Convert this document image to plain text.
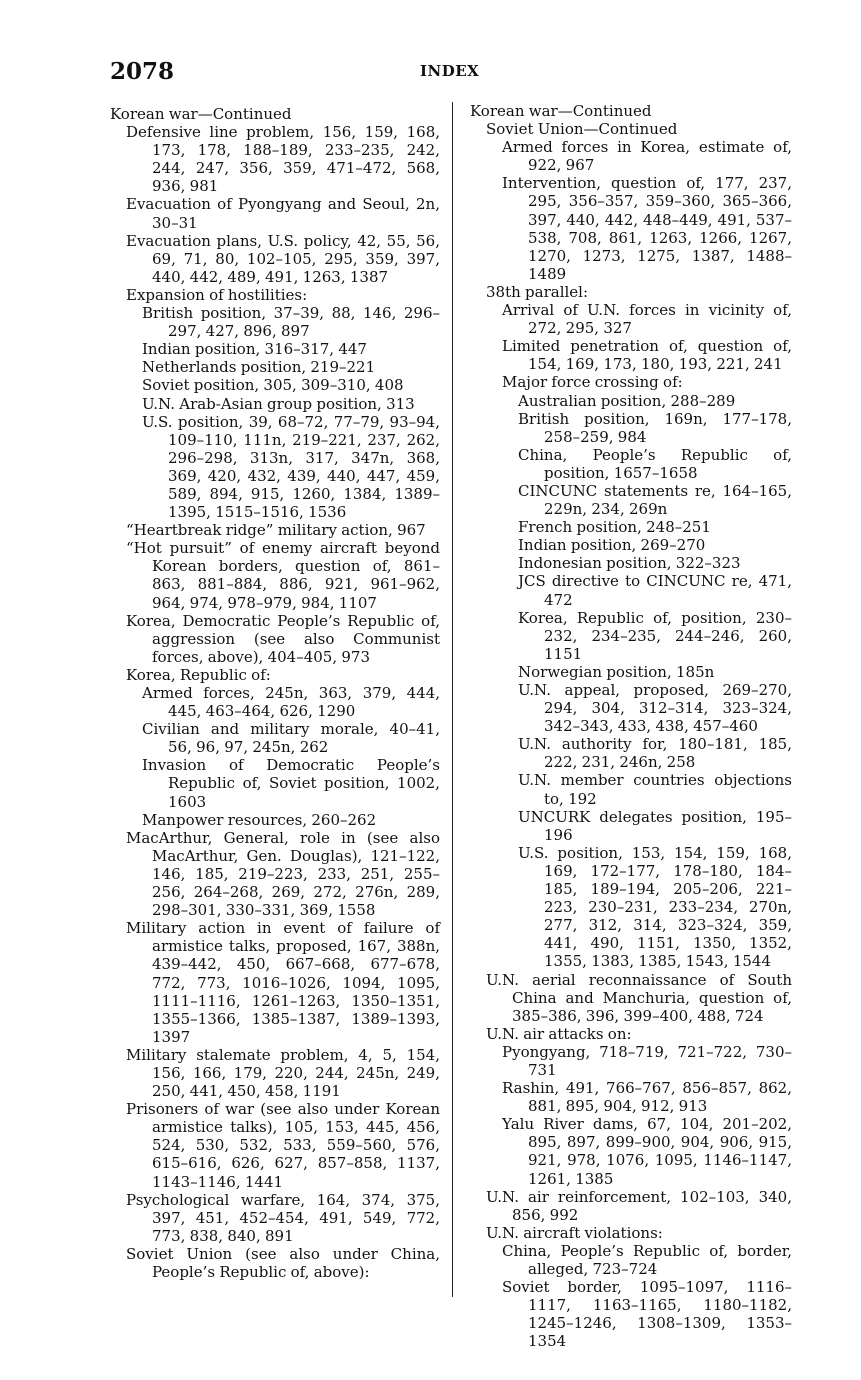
2078	INDEX

Korean war—Continued

Defensive line problem, 156, 159, 168, 173, 178, 188–189, 233–235, 242, 244, 247, 356, 359, 471–472, 568, 936, 981

Evacuation of Pyongyang and Seoul, 2n, 30–31

Evacuation plans, U.S. policy, 42, 55, 56, 69, 71, 80, 102–105, 295, 359, 397, 440, 442, 489, 491, 1263, 1387

Expansion of hostilities:

British position, 37–39, 88, 146, 296–297, 427, 896, 897

Indian position, 316–317, 447

Netherlands position, 219–221

Soviet position, 305, 309–310, 408

U.N. Arab-Asian group position, 313

U.S. position, 39, 68–72, 77–79, 93–94, 109–110, 111n, 219–221, 237, 262, 296–298, 313n, 317, 347n, 368, 369, 420, 432, 439, 440, 447, 459, 589, 894, 915, 1260, 1384, 1389–1395, 1515–1516, 1536

“Heartbreak ridge” military action, 967

“Hot pursuit” of enemy aircraft beyond Korean borders, question of, 861–863, 881–884, 886, 921, 961–962, 964, 974, 978–979, 984, 1107

Korea, Democratic People’s Republic of, aggression (see also Communist forces, above), 404–405, 973

Korea, Republic of:

Armed forces, 245n, 363, 379, 444, 445, 463–464, 626, 1290

Civilian and military morale, 40–41, 56, 96, 97, 245n, 262

Invasion of Democratic People’s Republic of, Soviet position, 1002, 1603

Manpower resources, 260–262

MacArthur, General, role in (see also MacArthur, Gen. Douglas), 121–122, 146, 185, 219–223, 233, 251, 255–256, 264–268, 269, 272, 276n, 289, 298–301, 330–331, 369, 1558

Military action in event of failure of armistice talks, proposed, 167, 388n, 439–442, 450, 667–668, 677–678, 772, 773, 1016–1026, 1094, 1095, 1111–1116, 1261–1263, 1350–1351, 1355–1366, 1385–1387, 1389–1393, 1397

Military stalemate problem, 4, 5, 154, 156, 166, 179, 220, 244, 245n, 249, 250, 441, 450, 458, 1191

Prisoners of war (see also under Korean armistice talks), 105, 153, 445, 456, 524, 530, 532, 533, 559–560, 576, 615–616, 626, 627, 857–858, 1137, 1143–1146, 1441

Psychological warfare, 164, 374, 375, 397, 451, 452–454, 491, 549, 772, 773, 838, 840, 891

Soviet Union (see also under China, People’s Republic of, above):

Korean war—Continued

Soviet Union—Continued

Armed forces in Korea, estimate of, 922, 967

Intervention, question of, 177, 237, 295, 356–357, 359–360, 365–366, 397, 440, 442, 448–449, 491, 537–538, 708, 861, 1263, 1266, 1267, 1270, 1273, 1275, 1387, 1488–1489

38th parallel:

Arrival of U.N. forces in vicinity of, 272, 295, 327

Limited penetration of, question of, 154, 169, 173, 180, 193, 221, 241

Major force crossing of:

Australian position, 288–289

British position, 169n, 177–178, 258–259, 984

China, People’s Republic of, position, 1657–1658

CINCUNC statements re, 164–165, 229n, 234, 269n

French position, 248–251

Indian position, 269–270

Indonesian position, 322–323

JCS directive to CINCUNC re, 471, 472

Korea, Republic of, position, 230–232, 234–235, 244–246, 260, 1151

Norwegian position, 185n

U.N. appeal, proposed, 269–270, 294, 304, 312–314, 323–324, 342–343, 433, 438, 457–460

U.N. authority for, 180–181, 185, 222, 231, 246n, 258

U.N. member countries objections to, 192

UNCURK delegates position, 195–196

U.S. position, 153, 154, 159, 168, 169, 172–177, 178–180, 184–185, 189–194, 205–206, 221–223, 230–231, 233–234, 270n, 277, 312, 314, 323–324, 359, 441, 490, 1151, 1350, 1352, 1355, 1383, 1385, 1543, 1544

U.N. aerial reconnaissance of South China and Manchuria, question of, 385–386, 396, 399–400, 488, 724

U.N. air attacks on:

Pyongyang, 718–719, 721–722, 730–731

Rashin, 491, 766–767, 856–857, 862, 881, 895, 904, 912, 913

Yalu River dams, 67, 104, 201–202, 895, 897, 899–900, 904, 906, 915, 921, 978, 1076, 1095, 1146–1147, 1261, 1385

U.N. air reinforcement, 102–103, 340, 856, 992

U.N. aircraft violations:

China, People’s Republic of, border, alleged, 723–724

Soviet border, 1095–1097, 1116–1117, 1163–1165, 1180–1182, 1245–1246, 1308–1309, 1353–1354
